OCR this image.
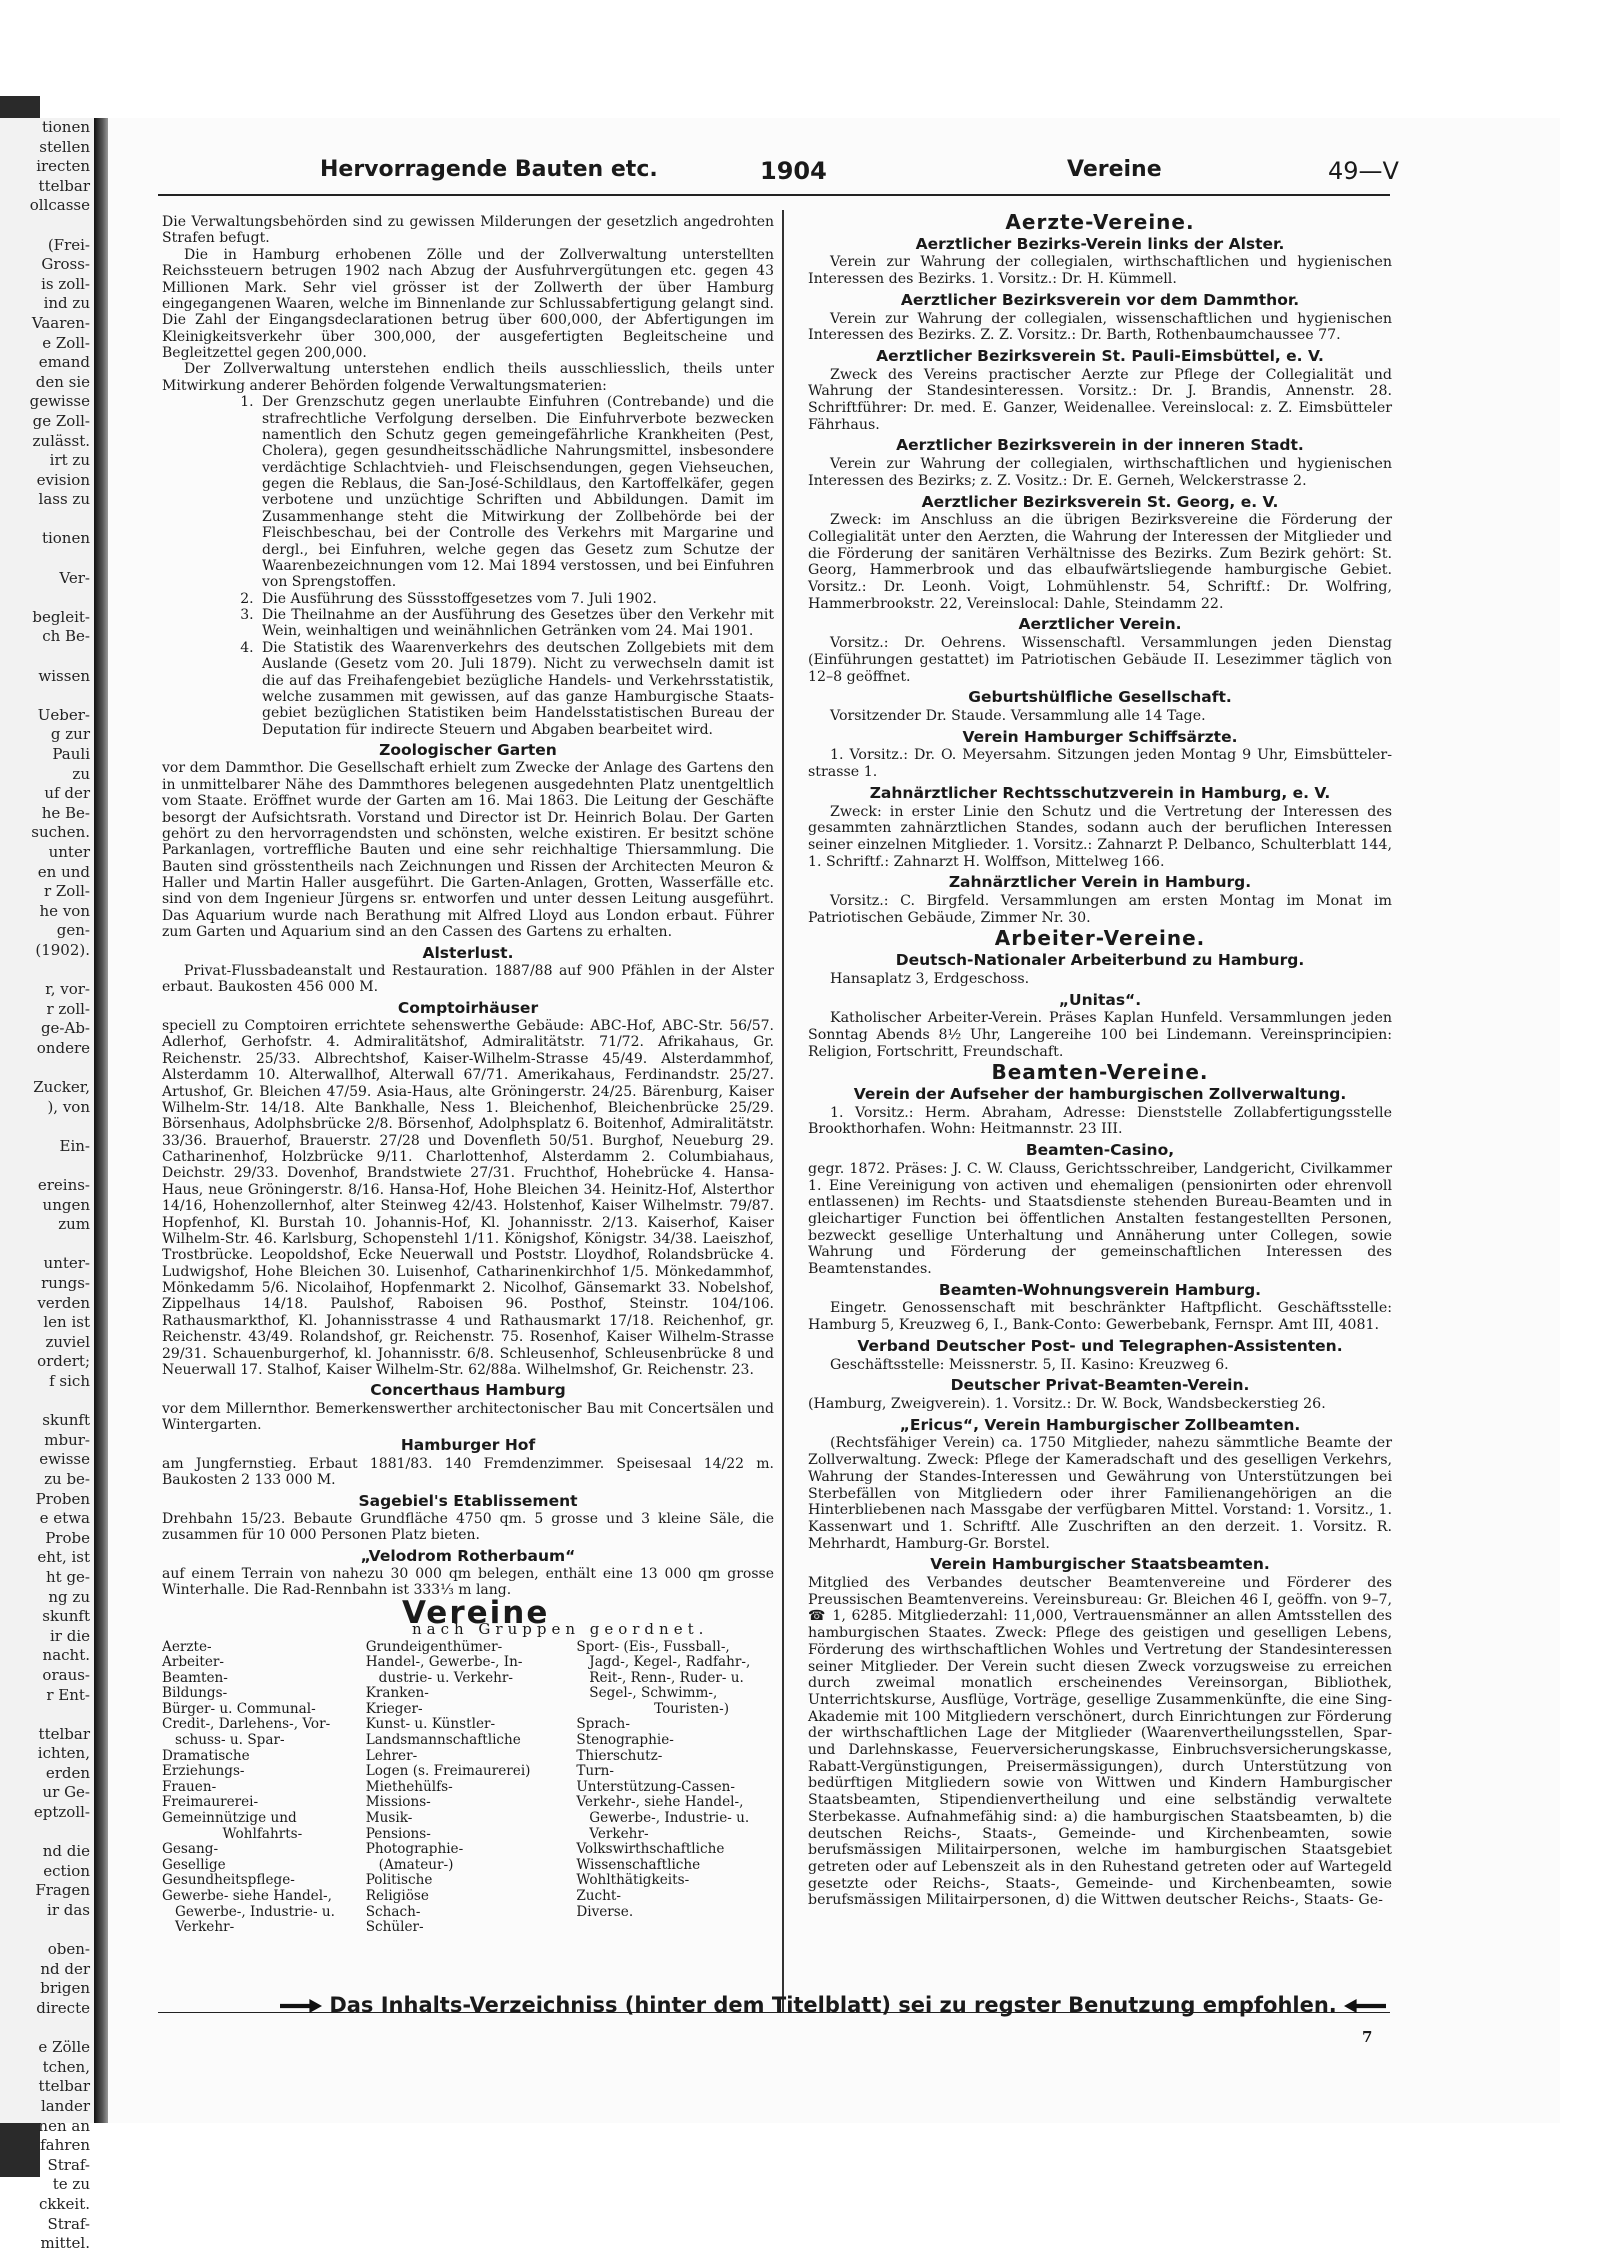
tionen
stellen
irecten
ttelbar
ollcasse

(Frei-
Gross-
is zoll-
ind zu
Vaaren-
e Zoll-
emand
den sie
gewisse
ge Zoll-
zulässt.
irt zu
evision
lass zu

tionen

Ver-

begleit-
ch Be-

wissen

Ueber-
g zur
Pauli
zu
uf der
he Be-
suchen.
unter
en und
r Zoll-
he von
gen-
(1902).

r, vor-
r zoll-
ge-Ab-
ondere

Zucker,
), von

Ein-

ereins-
ungen
zum

unter-
rungs-
verden
len ist
zuviel
ordert;
f sich

skunft
mbur-
ewisse
zu be-
Proben
e etwa
Probe
eht, ist
ht ge-
ng zu
skunft
ir die
nacht.
oraus-
r Ent-

ttelbar
ichten,
erden
ur Ge-
eptzoll-

nd die
ection
Fragen
ir das

oben-
nd der
brigen
directe

e Zölle
tchen,
ttelbar
lander
nen an
fahren
Straf-
te zu
ckkeit.
Straf-
mittel.
Hervorragende Bauten etc.	1904	Vereine	49—V

Die Verwaltungsbehörden sind zu gewissen Milderungen der gesetzlich angedrohten Strafen befugt.

Die in Hamburg erhobenen Zölle und der Zollverwaltung unterstellten Reichssteuern betrugen 1902 nach Abzug der Ausfuhrvergütungen etc. gegen 43 Millionen Mark. Sehr viel grösser ist der Zollwerth der über Hamburg eingegangenen Waaren, welche im Binnenlande zur Schlussabfertigung gelangt sind. Die Zahl der Eingangsdeclarationen betrug über 600,000, der Abfertigungen im Kleinigkeitsverkehr über 300,000, der ausgefertigten Begleitscheine und Begleitzettel gegen 200,000.

Der Zollverwaltung unterstehen endlich theils ausschliesslich, theils unter Mitwirkung anderer Behörden folgende Verwaltungsmaterien:

1. Der Grenzschutz gegen unerlaubte Einfuhren (Contrebande) und die strafrechtliche Verfolgung derselben. Die Einfuhrverbote bezwecken namentlich den Schutz gegen gemeingefährliche Krankheiten (Pest, Cholera), gegen gesundheitsschädliche Nahrungsmittel, insbesondere verdächtige Schlachtvieh- und Fleischsendungen, gegen Viehseuchen, gegen die Reblaus, die San-José-Schildlaus, den Kartoffelkäfer, gegen verbotene und unzüchtige Schriften und Abbildungen. Damit im Zusammenhange steht die Mitwirkung der Zollbehörde bei der Fleischbeschau, bei der Controlle des Verkehrs mit Margarine und dergl., bei Einfuhren, welche gegen das Gesetz zum Schutze der Waarenbezeichnungen vom 12. Mai 1894 verstossen, und bei Einfuhren von Sprengstoffen.
2. Die Ausführung des Süssstoffgesetzes vom 7. Juli 1902.
3. Die Theilnahme an der Ausführung des Gesetzes über den Verkehr mit Wein, weinhaltigen und weinähnlichen Getränken vom 24. Mai 1901.
4. Die Statistik des Waarenverkehrs des deutschen Zollgebiets mit dem Auslande (Gesetz vom 20. Juli 1879). Nicht zu verwechseln damit ist die auf das Freihafengebiet bezügliche Handels- und Verkehrsstatistik, welche zusammen mit gewissen, auf das ganze Hamburgische Staats-gebiet bezüglichen Statistiken beim Handelsstatistischen Bureau der Deputation für indirecte Steuern und Abgaben bearbeitet wird.
Zoologischer Garten

vor dem Dammthor. Die Gesellschaft erhielt zum Zwecke der Anlage des Gartens den in unmittelbarer Nähe des Dammthores belegenen ausgedehnten Platz unentgeltlich vom Staate. Eröffnet wurde der Garten am 16. Mai 1863. Die Leitung der Geschäfte besorgt der Aufsichtsrath. Vorstand und Director ist Dr. Heinrich Bolau. Der Garten gehört zu den hervorragendsten und schönsten, welche existiren. Er besitzt schöne Parkanlagen, vortreffliche Bauten und eine sehr reichhaltige Thiersammlung. Die Bauten sind grösstentheils nach Zeichnungen und Rissen der Architecten Meuron & Haller und Martin Haller ausgeführt. Die Garten-Anlagen, Grotten, Wasserfälle etc. sind von dem Ingenieur Jürgens sr. entworfen und unter dessen Leitung ausgeführt. Das Aquarium wurde nach Berathung mit Alfred Lloyd aus London erbaut. Führer zum Garten und Aquarium sind an den Cassen des Gartens zu erhalten.

Alsterlust.

Privat-Flussbadeanstalt und Restauration. 1887/88 auf 900 Pfählen in der Alster erbaut. Baukosten 456 000 M.

Comptoirhäuser

speciell zu Comptoiren errichtete sehenswerthe Gebäude: ABC-Hof, ABC-Str. 56/57. Adlerhof, Gerhofstr. 4. Admiralitätshof, Admiralitätstr. 71/72. Afrikahaus, Gr. Reichenstr. 25/33. Albrechtshof, Kaiser-Wilhelm-Strasse 45/49. Alsterdammhof, Alsterdamm 10. Alterwallhof, Alterwall 67/71. Amerikahaus, Ferdinandstr. 25/27. Artushof, Gr. Bleichen 47/59. Asia-Haus, alte Gröningerstr. 24/25. Bärenburg, Kaiser Wilhelm-Str. 14/18. Alte Bankhalle, Ness 1. Bleichenhof, Bleichenbrücke 25/29. Börsenhaus, Adolphsbrücke 2/8. Börsenhof, Adolphsplatz 6. Boitenhof, Admiralitätstr. 33/36. Brauerhof, Brauerstr. 27/28 und Dovenfleth 50/51. Burghof, Neueburg 29. Catharinenhof, Holzbrücke 9/11. Charlottenhof, Alsterdamm 2. Columbiahaus, Deichstr. 29/33. Dovenhof, Brandstwiete 27/31. Fruchthof, Hohebrücke 4. Hansa-Haus, neue Gröningerstr. 8/16. Hansa-Hof, Hohe Bleichen 34. Heinitz-Hof, Alsterthor 14/16, Hohenzollernhof, alter Steinweg 42/43. Holstenhof, Kaiser Wilhelmstr. 79/87. Hopfenhof, Kl. Burstah 10. Johannis-Hof, Kl. Johannisstr. 2/13. Kaiserhof, Kaiser Wilhelm-Str. 46. Karlsburg, Schopenstehl 1/11. Königshof, Königstr. 34/38. Laeiszhof, Trostbrücke. Leopoldshof, Ecke Neuerwall und Poststr. Lloydhof, Rolandsbrücke 4. Ludwigshof, Hohe Bleichen 30. Luisenhof, Catharinenkirchhof 1/5. Mönkedammhof, Mönkedamm 5/6. Nicolaihof, Hopfenmarkt 2. Nicolhof, Gänsemarkt 33. Nobelshof, Zippelhaus 14/18. Paulshof, Raboisen 96. Posthof, Steinstr. 104/106. Rathausmarkthof, Kl. Johannisstrasse 4 und Rathausmarkt 17/18. Reichenhof, gr. Reichenstr. 43/49. Rolandshof, gr. Reichenstr. 75. Rosenhof, Kaiser Wilhelm-Strasse 29/31. Schauenburgerhof, kl. Johannisstr. 6/8. Schleusenhof, Schleusenbrücke 8 und Neuerwall 17. Stalhof, Kaiser Wilhelm-Str. 62/88a. Wilhelmshof, Gr. Reichenstr. 23.

Concerthaus Hamburg

vor dem Millernthor. Bemerkenswerther architectonischer Bau mit Concertsälen und Wintergarten.

Hamburger Hof

am Jungfernstieg. Erbaut 1881/83. 140 Fremdenzimmer. Speisesaal 14/22 m. Baukosten 2 133 000 M.

Sagebiel's Etablissement

Drehbahn 15/23. Bebaute Grundfläche 4750 qm. 5 grosse und 3 kleine Säle, die zusammen für 10 000 Personen Platz bieten.

„Velodrom Rotherbaum“

auf einem Terrain von nahezu 30 000 qm belegen, enthält eine 13 000 qm grosse Winterhalle. Die Rad-Rennbahn ist 333⅓ m lang.

Vereine
nach Gruppen geordnet.
Aerzte-
Arbeiter-
Beamten-
Bildungs-
Bürger- u. Communal-
Credit-, Darlehens-, Vor-
schuss- u. Spar-
Dramatische
Erziehungs-
Frauen-
Freimaurerei-
Gemeinnützige und
Wohlfahrts-
Gesang-
Gesellige
Gesundheitspflege-
Gewerbe- siehe Handel-,
Gewerbe-, Industrie- u.
Verkehr-
Grundeigenthümer-
Handel-, Gewerbe-, In-
dustrie- u. Verkehr-
Kranken-
Krieger-
Kunst- u. Künstler-
Landsmannschaftliche
Lehrer-
Logen (s. Freimaurerei)
Miethehülfs-
Missions-
Musik-
Pensions-
Photographie-
(Amateur-)
Politische
Religiöse
Schach-
Schüler-
Sport- (Eis-, Fussball-,
Jagd-, Kegel-, Radfahr-,
Reit-, Renn-, Ruder- u.
Segel-, Schwimm-,
Touristen-)
Sprach-
Stenographie-
Thierschutz-
Turn-
Unterstützung-Cassen-
Verkehr-, siehe Handel-,
Gewerbe-, Industrie- u.
Verkehr-
Volkswirthschaftliche
Wissenschaftliche
Wohlthätigkeits-
Zucht-
Diverse.
Aerzte-Vereine.
Aerztlicher Bezirks-Verein links der Alster.

Verein zur Wahrung der collegialen, wirthschaftlichen und hygienischen Interessen des Bezirks. 1. Vorsitz.: Dr. H. Kümmell.

Aerztlicher Bezirksverein vor dem Dammthor.

Verein zur Wahrung der collegialen, wissenschaftlichen und hygienischen Interessen des Bezirks. Z. Z. Vorsitz.: Dr. Barth, Rothenbaumchaussee 77.

Aerztlicher Bezirksverein St. Pauli-Eimsbüttel, e. V.

Zweck des Vereins practischer Aerzte zur Pflege der Collegialität und Wahrung der Standesinteressen. Vorsitz.: Dr. J. Brandis, Annenstr. 28. Schriftführer: Dr. med. E. Ganzer, Weidenallee. Vereinslocal: z. Z. Eimsbütteler Fährhaus.

Aerztlicher Bezirksverein in der inneren Stadt.

Verein zur Wahrung der collegialen, wirthschaftlichen und hygienischen Interessen des Bezirks; z. Z. Vositz.: Dr. E. Gerneh, Welckerstrasse 2.

Aerztlicher Bezirksverein St. Georg, e. V.

Zweck: im Anschluss an die übrigen Bezirksvereine die Förderung der Collegialität unter den Aerzten, die Wahrung der Interessen der Mitglieder und die Förderung der sanitären Verhältnisse des Bezirks. Zum Bezirk gehört: St. Georg, Hammerbrook und das elbaufwärtsliegende hamburgische Gebiet. Vorsitz.: Dr. Leonh. Voigt, Lohmühlenstr. 54, Schriftf.: Dr. Wolfring, Hammerbrookstr. 22, Vereinslocal: Dahle, Steindamm 22.

Aerztlicher Verein.

Vorsitz.: Dr. Oehrens. Wissenschaftl. Versammlungen jeden Dienstag (Einführungen gestattet) im Patriotischen Gebäude II. Lesezimmer täglich von 12–8 geöffnet.

Geburtshülfliche Gesellschaft.

Vorsitzender Dr. Staude. Versammlung alle 14 Tage.

Verein Hamburger Schiffsärzte.

1. Vorsitz.: Dr. O. Meyersahm. Sitzungen jeden Montag 9 Uhr, Eimsbütteler-strasse 1.

Zahnärztlicher Rechtsschutzverein in Hamburg, e. V.

Zweck: in erster Linie den Schutz und die Vertretung der Interessen des gesammten zahnärztlichen Standes, sodann auch der beruflichen Interessen seiner einzelnen Mitglieder. 1. Vorsitz.: Zahnarzt P. Delbanco, Schulterblatt 144, 1. Schriftf.: Zahnarzt H. Wolffson, Mittelweg 166.

Zahnärztlicher Verein in Hamburg.

Vorsitz.: C. Birgfeld. Versammlungen am ersten Montag im Monat im Patriotischen Gebäude, Zimmer Nr. 30.

Arbeiter-Vereine.
Deutsch-Nationaler Arbeiterbund zu Hamburg.

Hansaplatz 3, Erdgeschoss.

„Unitas“.

Katholischer Arbeiter-Verein. Präses Kaplan Hunfeld. Versammlungen jeden Sonntag Abends 8½ Uhr, Langereihe 100 bei Lindemann. Vereinsprincipien: Religion, Fortschritt, Freundschaft.

Beamten-Vereine.
Verein der Aufseher der hamburgischen Zollverwaltung.

1. Vorsitz.: Herm. Abraham, Adresse: Dienststelle Zollabfertigungsstelle Brookthorhafen. Wohn: Heitmannstr. 23 III.

Beamten-Casino,

gegr. 1872. Präses: J. C. W. Clauss, Gerichtsschreiber, Landgericht, Civilkammer 1. Eine Vereinigung von activen und ehemaligen (pensionirten oder ehrenvoll entlassenen) im Rechts- und Staatsdienste stehenden Bureau-Beamten und in gleichartiger Function bei öffentlichen Anstalten festangestellten Personen, bezweckt gesellige Unterhaltung und Annäherung unter Collegen, sowie Wahrung und Förderung der gemeinschaftlichen Interessen des Beamtenstandes.

Beamten-Wohnungsverein Hamburg.

Eingetr. Genossenschaft mit beschränkter Haftpflicht. Geschäftsstelle: Hamburg 5, Kreuzweg 6, I., Bank-Conto: Gewerbebank, Fernspr. Amt III, 4081.

Verband Deutscher Post- und Telegraphen-Assistenten.

Geschäftsstelle: Meissnerstr. 5, II. Kasino: Kreuzweg 6.

Deutscher Privat-Beamten-Verein.

(Hamburg, Zweigverein). 1. Vorsitz.: Dr. W. Bock, Wandsbeckerstieg 26.

„Ericus“, Verein Hamburgischer Zollbeamten.

(Rechtsfähiger Verein) ca. 1750 Mitglieder, nahezu sämmtliche Beamte der Zollverwaltung. Zweck: Pflege der Kameradschaft und des geselligen Verkehrs, Wahrung der Standes-Interessen und Gewährung von Unterstützungen bei Sterbefällen von Mitgliedern oder ihrer Familienangehörigen an die Hinterbliebenen nach Massgabe der verfügbaren Mittel. Vorstand: 1. Vorsitz., 1. Kassenwart und 1. Schriftf. Alle Zuschriften an den derzeit. 1. Vorsitz. R. Mehrhardt, Hamburg-Gr. Borstel.

Verein Hamburgischer Staatsbeamten.

Mitglied des Verbandes deutscher Beamtenvereine und Förderer des Preussischen Beamtenvereins. Vereinsbureau: Gr. Bleichen 46 I, geöffn. von 9–7, ☎ 1, 6285. Mitgliederzahl: 11,000, Vertrauensmänner an allen Amtsstellen des hamburgischen Staates. Zweck: Pflege des geistigen und geselligen Lebens, Förderung des wirthschaftlichen Wohles und Vertretung der Standesinteressen seiner Mitglieder. Der Verein sucht diesen Zweck vorzugsweise zu erreichen durch zweimal monatlich erscheinendes Vereinsorgan, Bibliothek, Unterrichtskurse, Ausflüge, Vorträge, gesellige Zusammenkünfte, die eine Sing-Akademie mit 100 Mitgliedern verschönert, durch Einrichtungen zur Förderung der wirthschaftlichen Lage der Mitglieder (Waarenvertheilungsstellen, Spar- und Darlehnskasse, Feuerversicherungskasse, Einbruchsversicherungskasse, Rabatt-Vergünstigungen, Preisermässigungen), durch Unterstützung von bedürftigen Mitgliedern sowie von Wittwen und Kindern Hamburgischer Staatsbeamten, Stipendienvertheilung und eine selbständig verwaltete Sterbekasse. Aufnahmefähig sind: a) die hamburgischen Staatsbeamten, b) die deutschen Reichs-, Staats-, Gemeinde- und Kirchenbeamten, sowie berufsmässigen Militairpersonen, welche im hamburgischen Staatsgebiet getreten oder auf Lebenszeit als in den Ruhestand getreten oder auf Wartegeld gesetzte oder Reichs-, Staats-, Gemeinde- und Kirchenbeamten, sowie berufsmässigen Militairpersonen, d) die Wittwen deutscher Reichs-, Staats- Ge-

Das Inhalts-Verzeichniss (hinter dem Titelblatt) sei zu regster Benutzung empfohlen.
7
